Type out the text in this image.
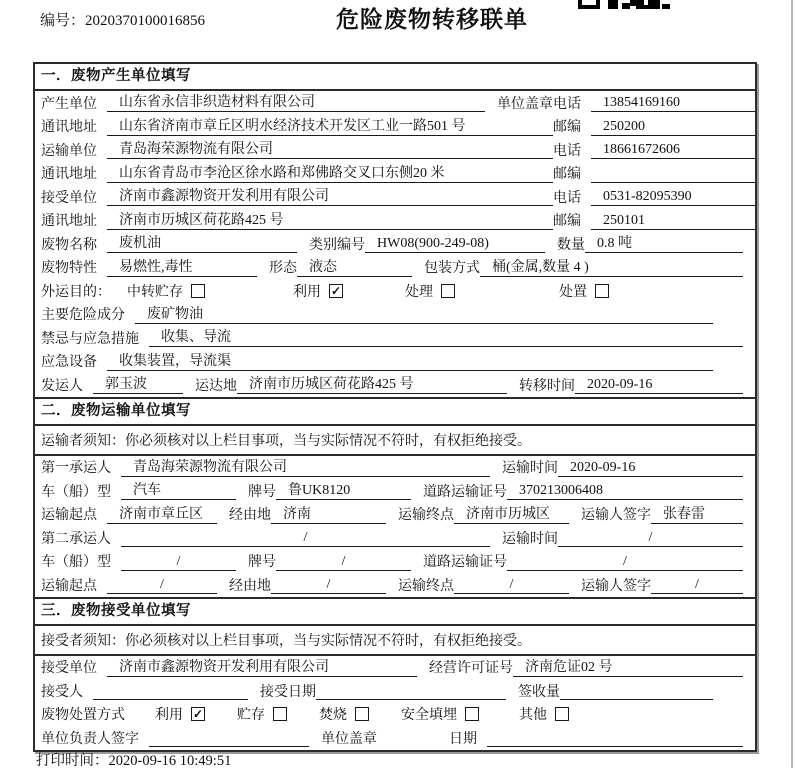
编号：2020370100016856	危险废物转移联单
一．废物产生单位填写
产生单位	山东省永信非织造材料有限公司	单位盖章 电话	13854169160
通讯地址	山东省济南市章丘区明水经济技术开发区工业一路501 号	邮编	250200
运输单位	青岛海荣源物流有限公司	电话	18661672606
通讯地址	山东省青岛市李沧区徐水路和郑佛路交叉口东侧20 米	邮编
接受单位	济南市鑫源物资开发利用有限公司	电话	0531-82095390
通讯地址	济南市历城区荷花路425 号	邮编	250101
废物名称	废机油	类别编号 HW08(900-249-08)	数量 0.8 吨
废物特性	易燃性,毒性	形态 液态	包装方式 桶(金属,数量 4 )
外运目的： 中转贮存	利用 ✓	处理	处置
主要危险成分	废矿物油
禁忌与应急措施	收集、导流
应急设备	收集装置，导流渠
发运人	郭玉波	运达地 济南市历城区荷花路425 号	转移时间 2020-09-16
二．废物运输单位填写
运输者须知：你必须核对以上栏目事项，当与实际情况不符时，有权拒绝接受。
第一承运人	青岛海荣源物流有限公司	运输时间 2020-09-16
车（船）型	汽车	牌号 鲁UK8120	道路运输证号 370213006408
运输起点	济南市章丘区	经由地 济南	运输终点 济南市历城区	运输人签字 张春雷
第二承运人	/	运输时间	/
车（船）型	/	牌号	/	道路运输证号	/
运输起点	/	经由地	/	运输终点	/	运输人签字	/
三．废物接受单位填写
接受者须知：你必须核对以上栏目事项，当与实际情况不符时，有权拒绝接受。
接受单位	济南市鑫源物资开发利用有限公司	经营许可证号 济南危证02 号
接受人	接受日期	签收量
废物处置方式 利用 ✓ 贮存	焚烧	安全填埋	其他
单位负责人签字	单位盖章	日期
打印时间：2020-09-16 10:49:51
